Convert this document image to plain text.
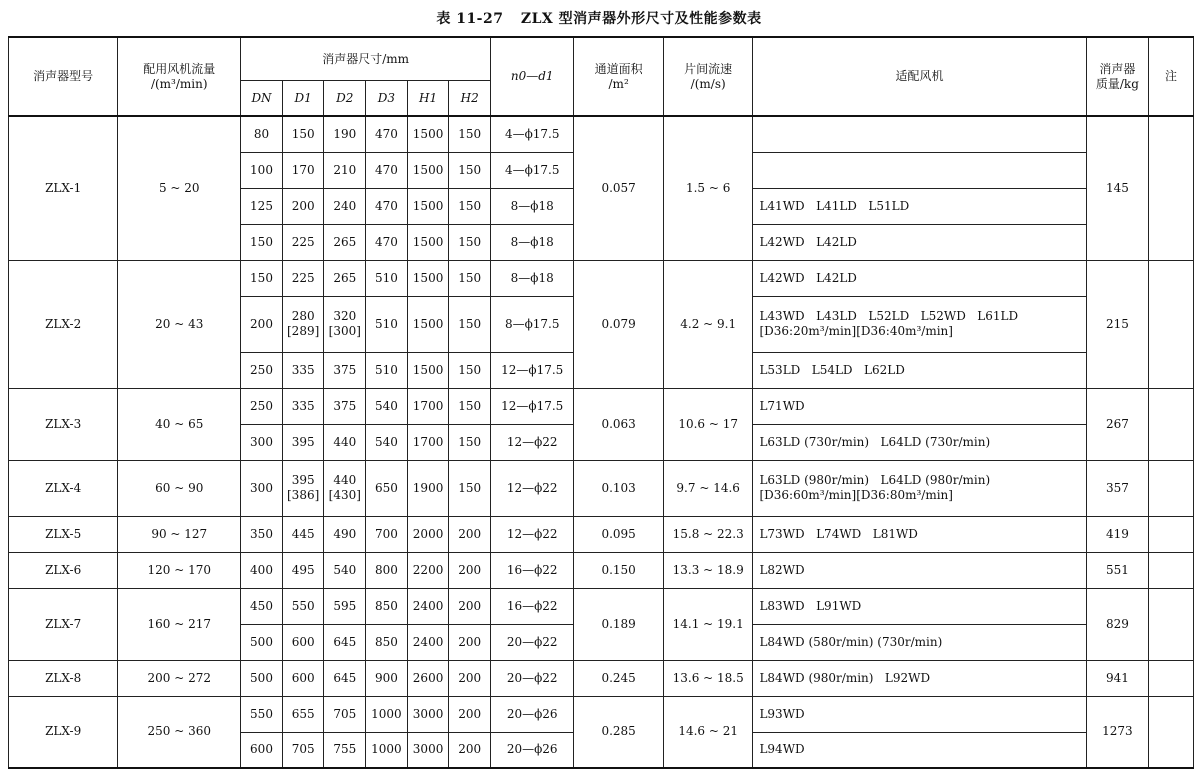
表 11-27 ZLX 型消声器外形尺寸及性能参数表
消声器型号	配用风机流量
/(m³/min)	消声器尺寸/mm						n0—d1	通道面积
/m²	片间流速
/(m/s)	适配风机	消声器
质量/kg	注
		DN	D1	D2	D3	H1	H2						
ZLX-1	5 ~ 20	80	150	190	470	1500	150	4—ϕ17.5	0.057	1.5 ~ 6		145	
		100	170	210	470	1500	150	4—ϕ17.5					

		125	200	240	470	1500	150	8—ϕ18			L41WD   L41LD   L51LD		

		150	225	265	470	1500	150	8—ϕ18			L42WD   L42LD		

ZLX-2	20 ~ 43	150	225	265	510	1500	150	8—ϕ18	0.079	4.2 ~ 9.1	L42WD   L42LD	215	
		200	280
[289]	320
[300]	510	1500	150	8—ϕ17.5			L43WD   L43LD   L52LD   L52WD   L61LD
[D36:20m³/min][D36:40m³/min]		

		250	335	375	510	1500	150	12—ϕ17.5			L53LD   L54LD   L62LD		

ZLX-3	40 ~ 65	250	335	375	540	1700	150	12—ϕ17.5	0.063	10.6 ~ 17	L71WD	267	
		300	395	440	540	1700	150	12—ϕ22			L63LD (730r/min)   L64LD (730r/min)		

ZLX-4	60 ~ 90	300	395
[386]	440
[430]	650	1900	150	12—ϕ22	0.103	9.7 ~ 14.6	L63LD (980r/min)   L64LD (980r/min)
[D36:60m³/min][D36:80m³/min]	357	
ZLX-5	90 ~ 127	350	445	490	700	2000	200	12—ϕ22	0.095	15.8 ~ 22.3	L73WD   L74WD   L81WD	419	
ZLX-6	120 ~ 170	400	495	540	800	2200	200	16—ϕ22	0.150	13.3 ~ 18.9	L82WD	551	
ZLX-7	160 ~ 217	450	550	595	850	2400	200	16—ϕ22	0.189	14.1 ~ 19.1	L83WD   L91WD	829	
		500	600	645	850	2400	200	20—ϕ22			L84WD (580r/min) (730r/min)		

ZLX-8	200 ~ 272	500	600	645	900	2600	200	20—ϕ22	0.245	13.6 ~ 18.5	L84WD (980r/min)   L92WD	941	
ZLX-9	250 ~ 360	550	655	705	1000	3000	200	20—ϕ26	0.285	14.6 ~ 21	L93WD	1273	
		600	705	755	1000	3000	200	20—ϕ26			L94WD		
